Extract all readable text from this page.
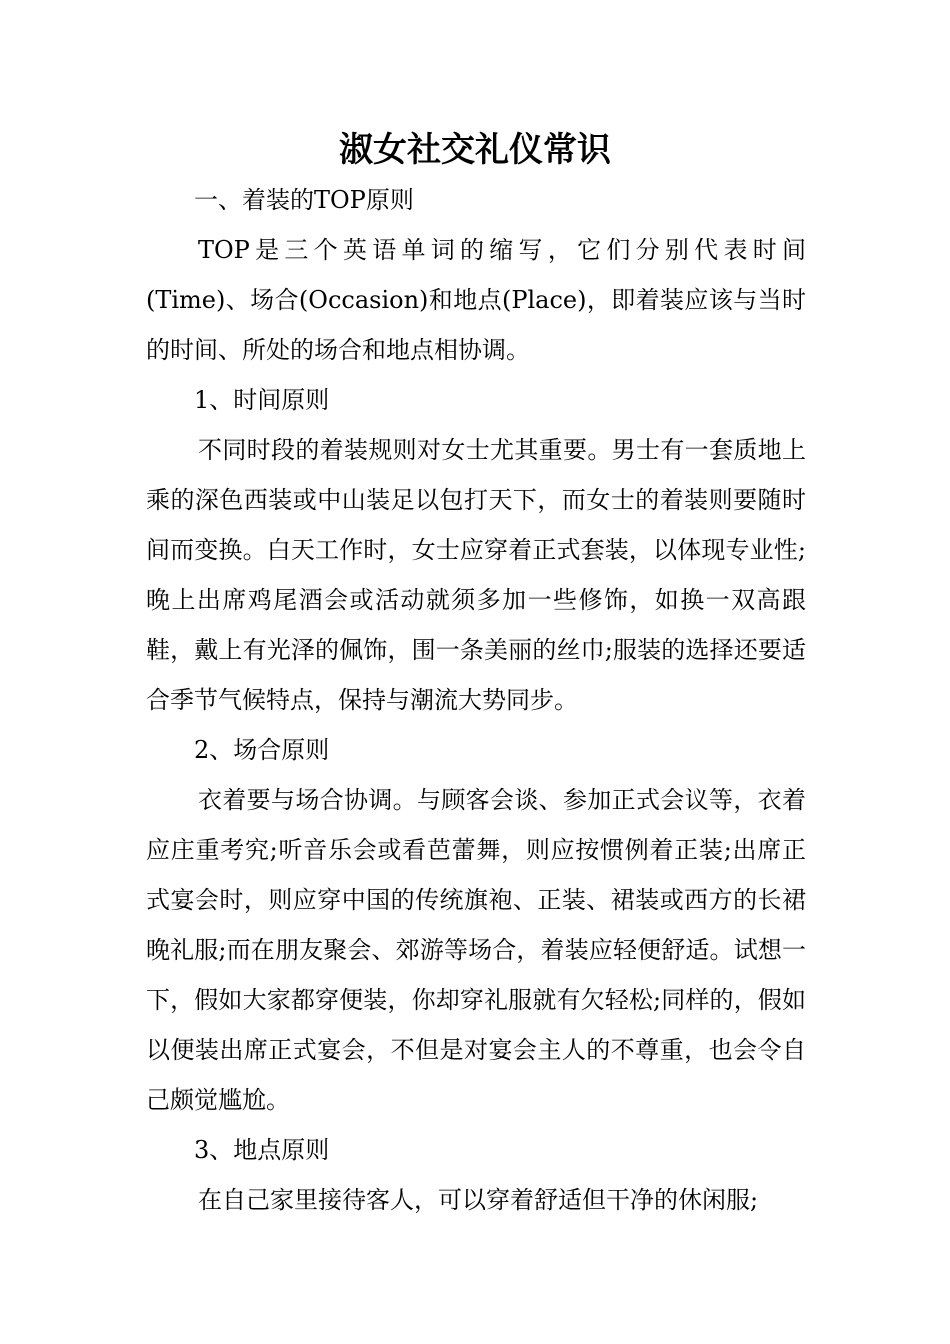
淑女社交礼仪常识

一、着装的TOP原则

TOP是三个英语单词的缩写，它们分别代表时间(Time)、场合(Occasion)和地点(Place)，即着装应该与当时的时间、所处的场合和地点相协调。

1、时间原则

不同时段的着装规则对女士尤其重要。男士有一套质地上乘的深色西装或中山装足以包打天下，而女士的着装则要随时间而变换。白天工作时，女士应穿着正式套装，以体现专业性;晚上出席鸡尾酒会或活动就须多加一些修饰，如换一双高跟鞋，戴上有光泽的佩饰，围一条美丽的丝巾;服装的选择还要适合季节气候特点，保持与潮流大势同步。

2、场合原则

衣着要与场合协调。与顾客会谈、参加正式会议等，衣着应庄重考究;听音乐会或看芭蕾舞，则应按惯例着正装;出席正式宴会时，则应穿中国的传统旗袍、正装、裙装或西方的长裙晚礼服;而在朋友聚会、郊游等场合，着装应轻便舒适。试想一下，假如大家都穿便装，你却穿礼服就有欠轻松;同样的，假如以便装出席正式宴会，不但是对宴会主人的不尊重，也会令自己颇觉尴尬。

3、地点原则

在自己家里接待客人，可以穿着舒适但干净的休闲服;
